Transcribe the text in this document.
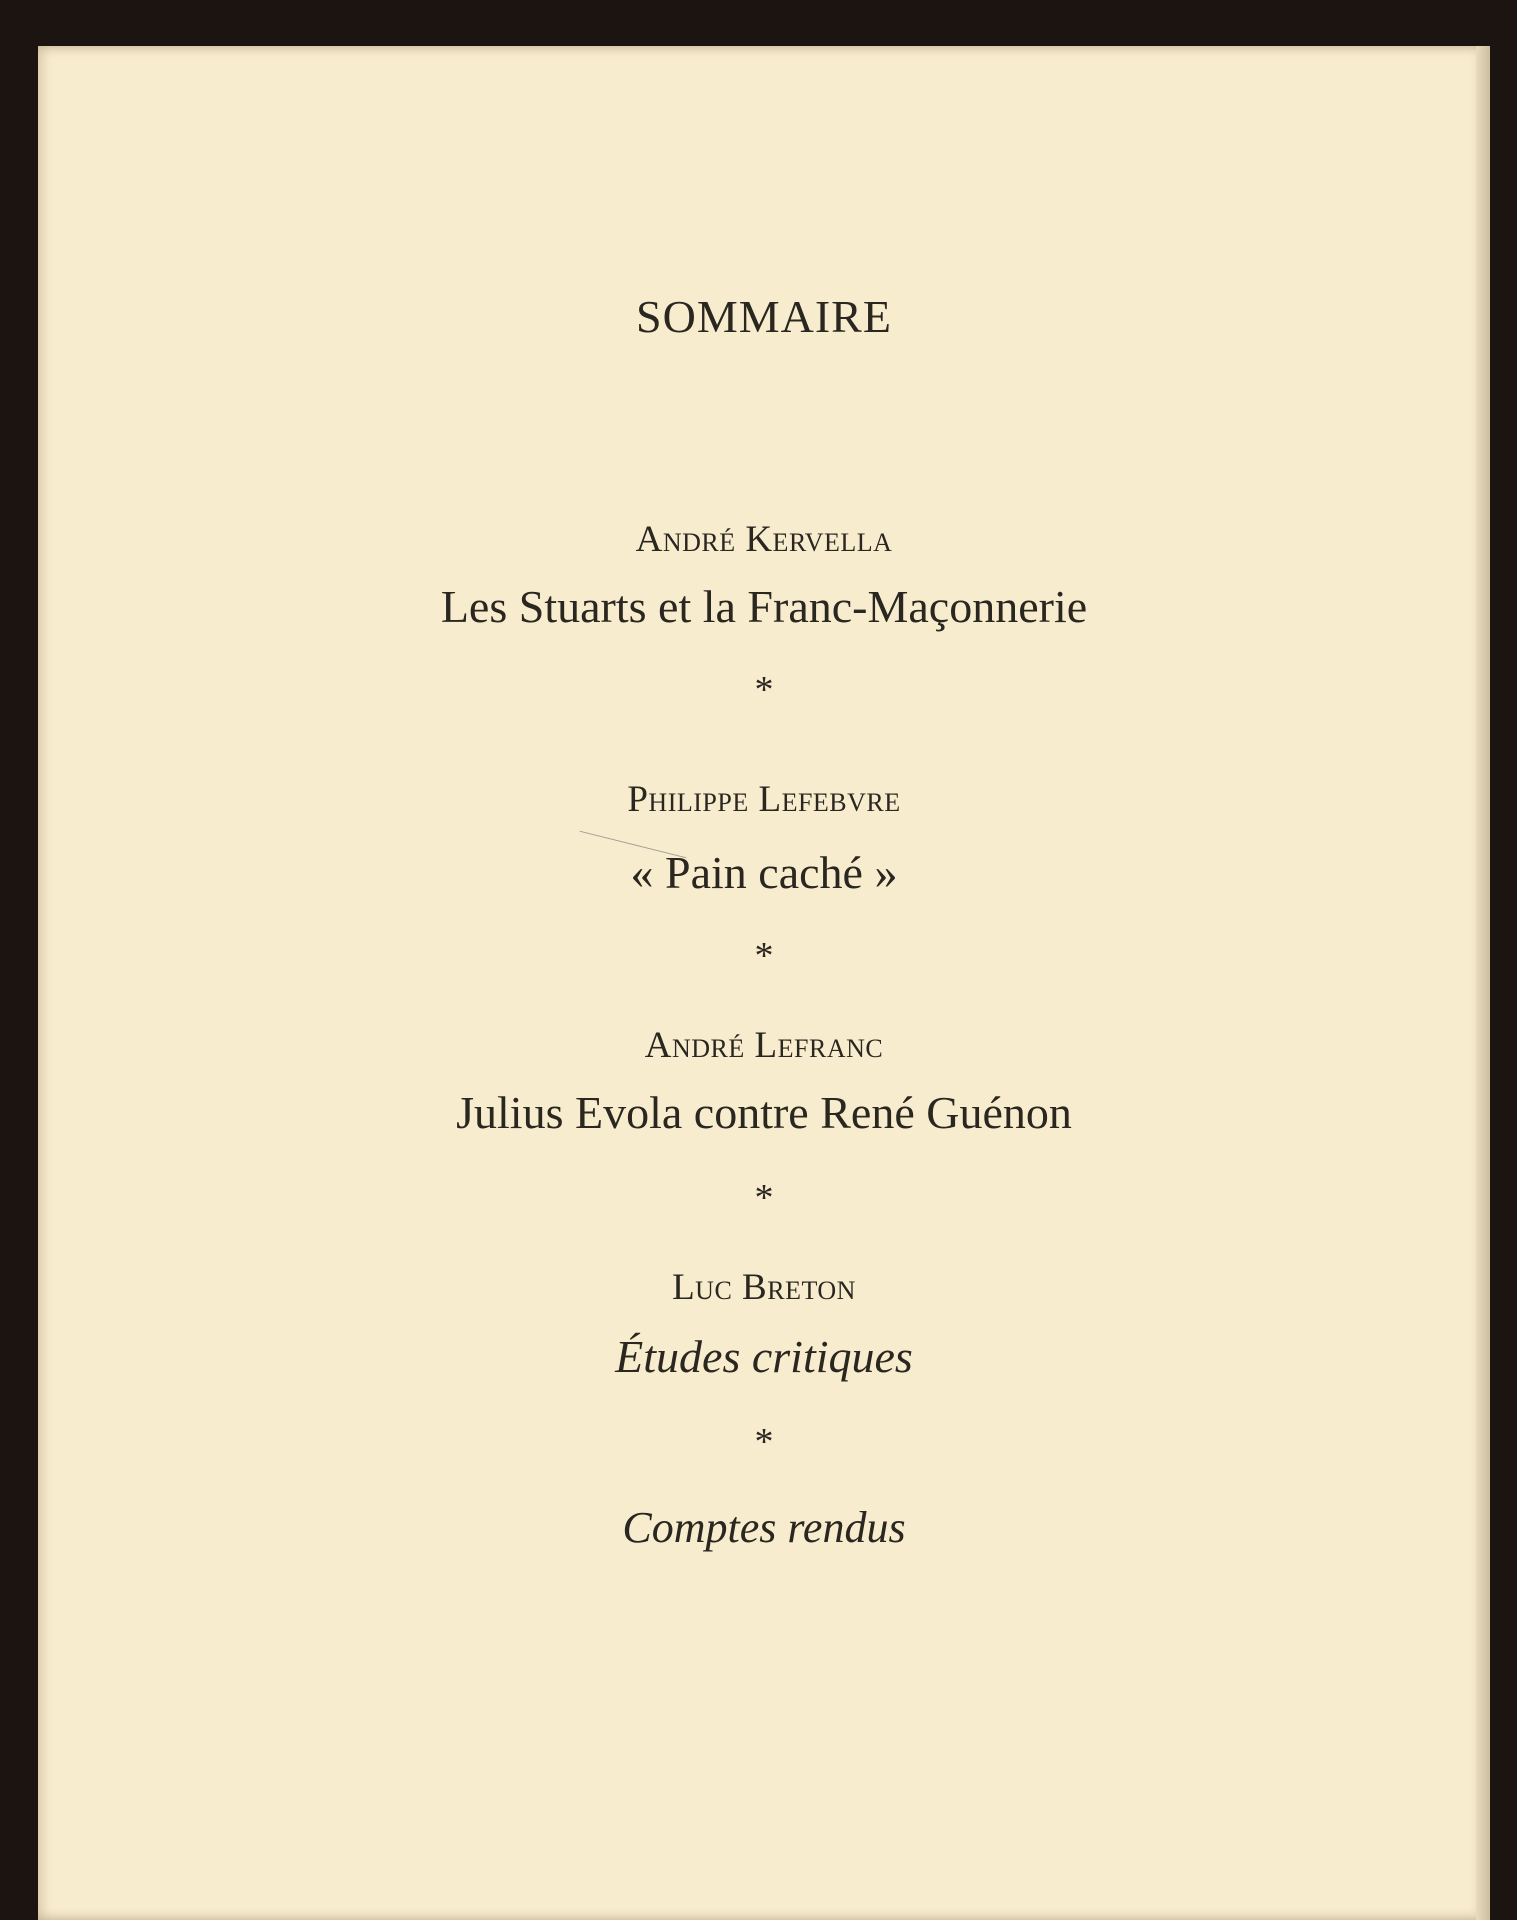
SOMMAIRE
André Kervella
Les Stuarts et la Franc-Maçonnerie
*
Philippe Lefebvre
« Pain caché »
*
André Lefranc
Julius Evola contre René Guénon
*
Luc Breton
Études critiques
*
Comptes rendus
